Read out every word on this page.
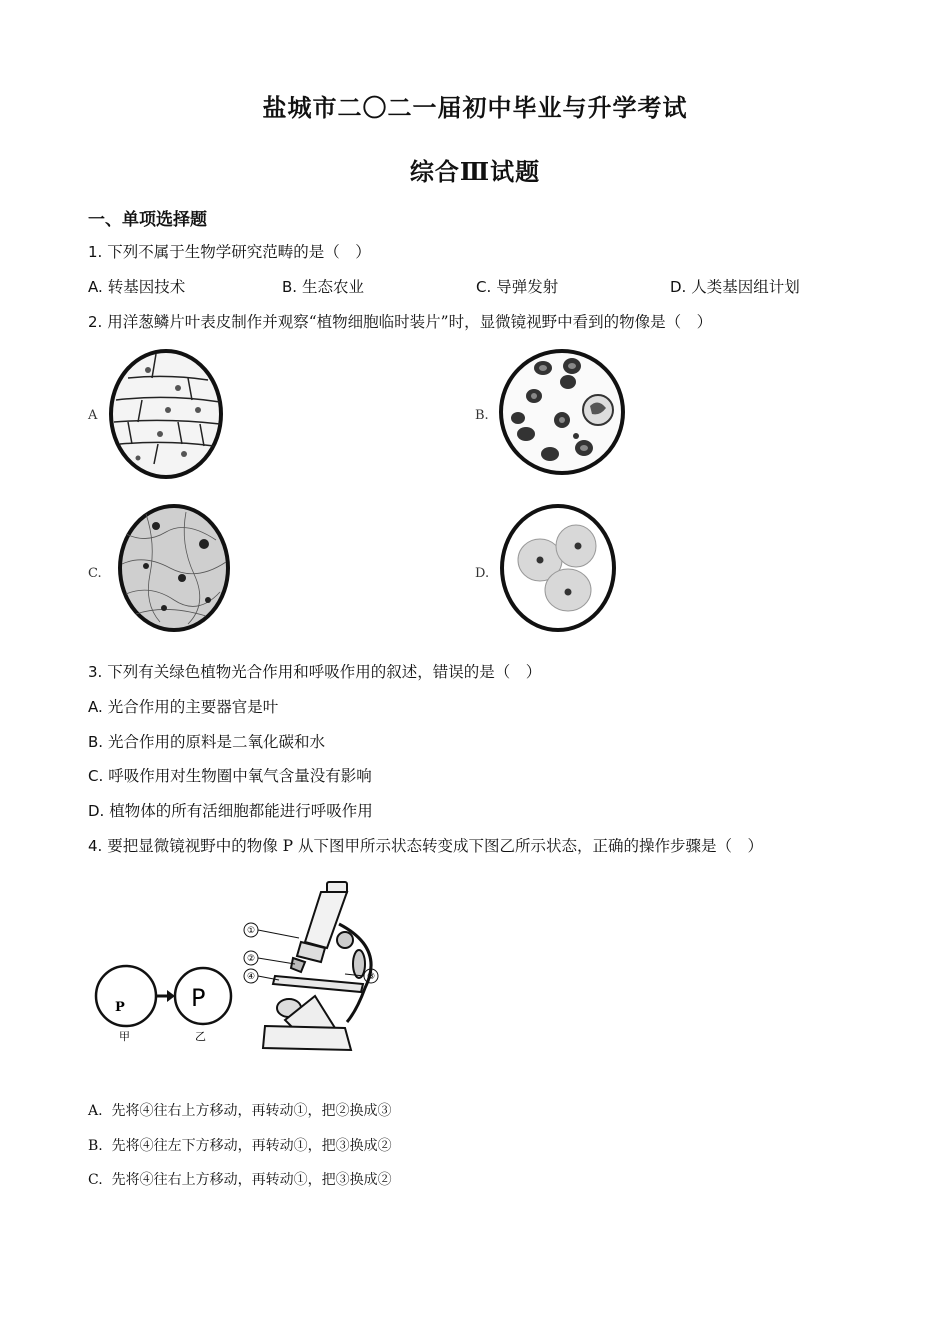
盐城市二〇二一届初中毕业与升学考试
综合Ⅲ试题
一、单项选择题
1. 下列不属于生物学研究范畴的是（　）
A. 转基因技术	B. 生态农业	C. 导弹发射	D. 人类基因组计划
2. 用洋葱鳞片叶表皮制作并观察“植物细胞临时装片”时，显微镜视野中看到的物像是（　）
A	B.
C.	D.
3. 下列有关绿色植物光合作用和呼吸作用的叙述，错误的是（　）
A. 光合作用的主要器官是叶
B. 光合作用的原料是二氧化碳和水
C. 呼吸作用对生物圈中氧气含量没有影响
D. 植物体的所有活细胞都能进行呼吸作用
4. 要把显微镜视野中的物像 P 从下图甲所示状态转变成下图乙所示状态，正确的操作步骤是（　）
P
甲
P
乙
①
②
④	③
A. 先将④往右上方移动，再转动①，把②换成③
B. 先将④往左下方移动，再转动①，把③换成②
C. 先将④往右上方移动，再转动①，把③换成②
